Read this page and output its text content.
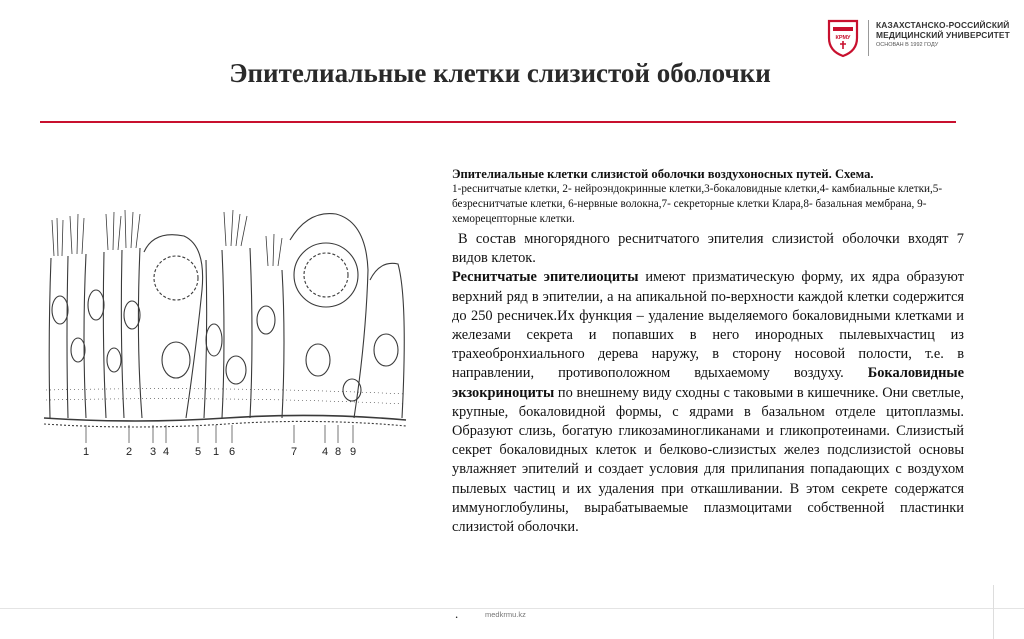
КРМУ
КАЗАХСТАНСКО-РОССИЙСКИЙ
МЕДИЦИНСКИЙ УНИВЕРСИТЕТ
ОСНОВАН В 1992 ГОДУ
Эпителиальные клетки слизистой оболочки
1	2 3 4 5 1 6	7 4 8 9

Эпителиальные клетки слизистой оболочки воздухоносных путей. Схема.

1-реснитчатые клетки, 2- нейроэндокринные клетки,3-бокаловидные клетки,4- камбиальные клетки,5- безреснитчатые клетки, 6-нервные волокна,7- секреторные клетки Клара,8- базальная мембрана, 9-хеморецепторные клетки.

В состав многорядного реснитчатого эпителия слизистой оболочки входят 7 видов клеток.

Реснитчатые эпителиоциты имеют призматическую форму, их ядра образуют верхний ряд в эпителии, а на апикальной по-верхности каждой клетки содержится до 250 ресничек.Их функция – удаление выделяемого бокаловидными клетками и железами секрета и попавших в него инородных пылевыхчастиц из трахеобронхиального дерева наружу, в сторону носовой полости, т.е. в направлении, противоположном вдыхаемому воздуху. Бокаловидные экзокриноциты по внешнему виду сходны с таковыми в кишечнике. Они светлые, крупные, бокаловидной формы, с ядрами в базальном отделе цитоплазмы. Образуют слизь, богатую гликозаминогликанами и гликопротеинами. Слизистый секрет бокаловидных клеток и белково-слизистых желез подслизистой основы увлажняет эпителий и создает условия для прилипания попадающих с воздухом пылевых частиц и их удаления при откашливании. В этом секрете содержатся иммуноглобулины, вырабатываемые плазмоцитами собственной пластинки слизистой оболочки.

.	medkrmu.kz
